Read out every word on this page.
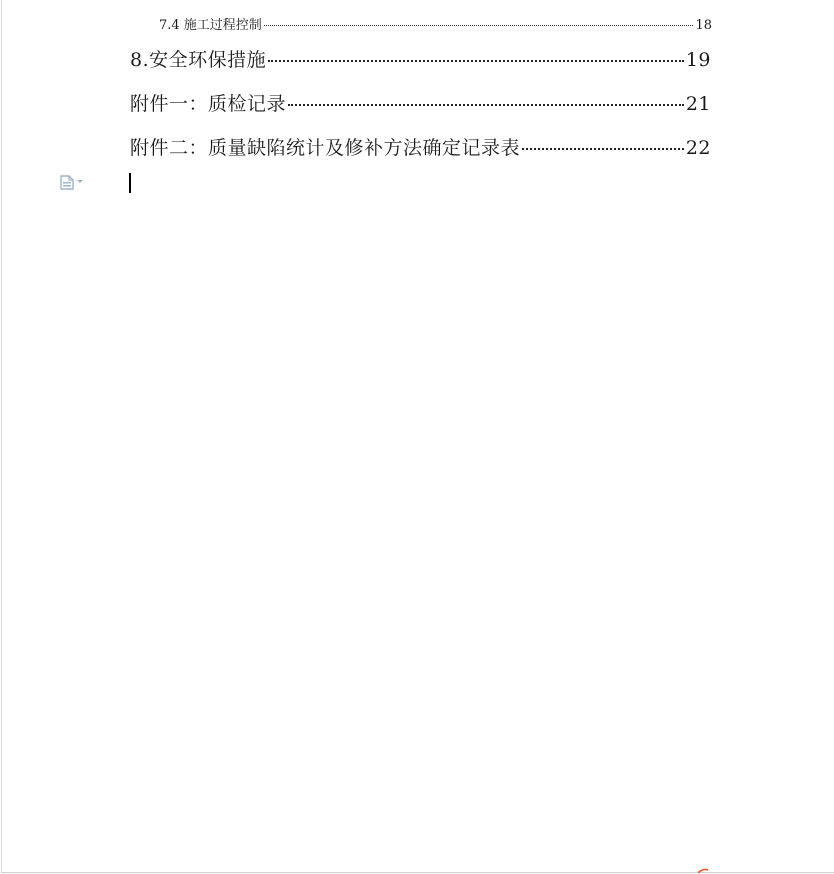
7.4 施工过程控制	18
8.安全环保措施	19
附件一：质检记录	21
附件二：质量缺陷统计及修补方法确定记录表	22
